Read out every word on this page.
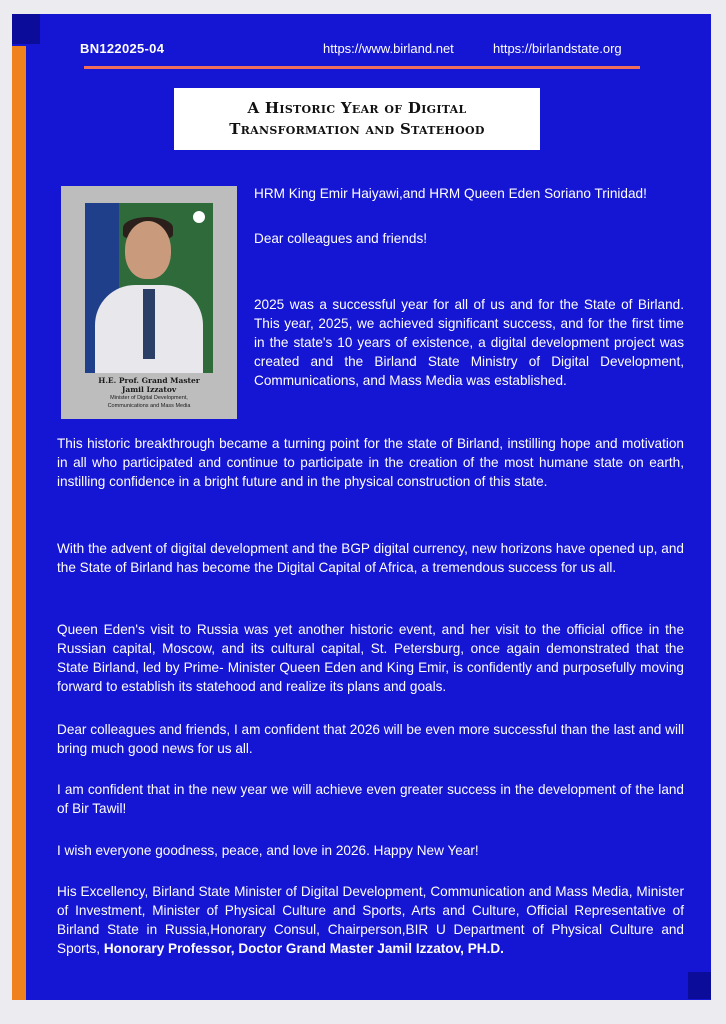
BN122025-04	https://www.birland.net	https://birlandstate.org
A Historic Year of Digital
Transformation and Statehood
H.E. Prof. Grand Master
Jamil Izzatov
Minister of Digital Development,
Communications and Mass Media
HRM King Emir Haiyawi,and HRM Queen Eden Soriano Trinidad!
Dear colleagues and friends!
2025 was a successful year for all of us and for the State of Birland. This year, 2025, we achieved significant success, and for the first time in the state's 10 years of existence, a digital development project was created and the Birland State Ministry of Digital Development, Communications, and Mass Media was established.
This historic breakthrough became a turning point for the state of Birland, instilling hope and motivation in all who participated and continue to participate in the creation of the most humane state on earth, instilling confidence in a bright future and in the physical construction of this state.
With the advent of digital development and the BGP digital currency, new horizons have opened up, and the State of Birland has become the Digital Capital of Africa, a tremendous success for us all.
Queen Eden's visit to Russia was yet another historic event, and her visit to the official office in the Russian capital, Moscow, and its cultural capital, St. Petersburg, once again demonstrated that the State Birland, led by Prime- Minister Queen Eden and King Emir, is confidently and purposefully moving forward to establish its statehood and realize its plans and goals.
Dear colleagues and friends, I am confident that 2026 will be even more successful than the last and will bring much good news for us all.
I am confident that in the new year we will achieve even greater success in the development of the land of Bir Tawil!
I wish everyone goodness, peace, and love in 2026. Happy New Year!
His Excellency, Birland State Minister of Digital Development, Communication and Mass Media, Minister of Investment, Minister of Physical Culture and Sports, Arts and Culture, Official Representative of Birland State in Russia,Honorary Consul, Chairperson,BIR U Department of Physical Culture and Sports, Honorary Professor, Doctor Grand Master Jamil Izzatov, PH.D.
